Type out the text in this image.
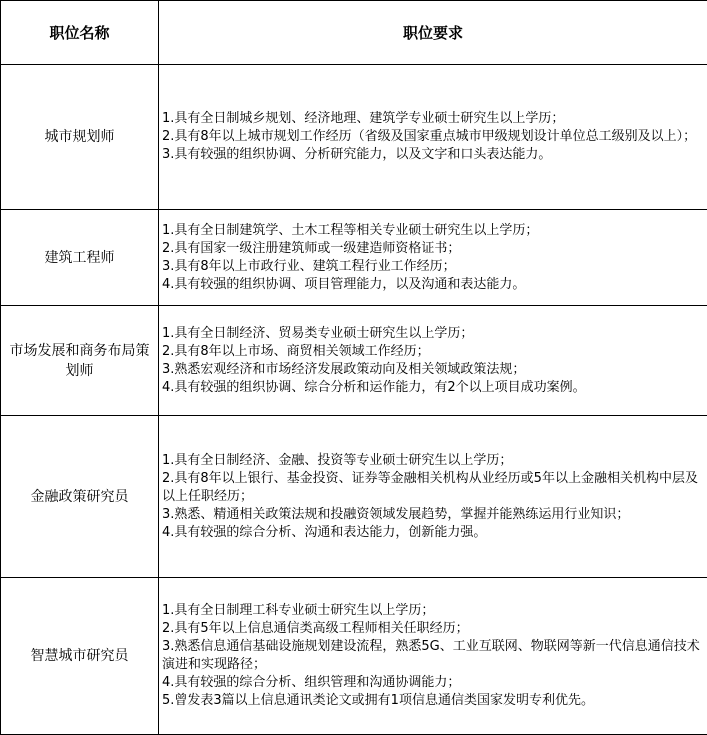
职位名称	职位要求
城市规划师	1.具有全日制城乡规划、经济地理、建筑学专业硕士研究生以上学历；
2.具有8年以上城市规划工作经历（省级及国家重点城市甲级规划设计单位总工级别及以上）；
3.具有较强的组织协调、分析研究能力，以及文字和口头表达能力。

建筑工程师	1.具有全日制建筑学、土木工程等相关专业硕士研究生以上学历；
2.具有国家一级注册建筑师或一级建造师资格证书；
3.具有8年以上市政行业、建筑工程行业工作经历；
4.具有较强的组织协调、项目管理能力，以及沟通和表达能力。

市场发展和商务布局策划师	1.具有全日制经济、贸易类专业硕士研究生以上学历；
2.具有8年以上市场、商贸相关领域工作经历；
3.熟悉宏观经济和市场经济发展政策动向及相关领域政策法规；
4.具有较强的组织协调、综合分析和运作能力，有2个以上项目成功案例。

金融政策研究员	1.具有全日制经济、金融、投资等专业硕士研究生以上学历；
2.具有8年以上银行、基金投资、证券等金融相关机构从业经历或5年以上金融相关机构中层及以上任职经历；
3.熟悉、精通相关政策法规和投融资领域发展趋势，掌握并能熟练运用行业知识；
4.具有较强的综合分析、沟通和表达能力，创新能力强。

智慧城市研究员	1.具有全日制理工科专业硕士研究生以上学历；
2.具有5年以上信息通信类高级工程师相关任职经历；
3.熟悉信息通信基础设施规划建设流程，熟悉5G、工业互联网、物联网等新一代信息通信技术演进和实现路径；
4.具有较强的综合分析、组织管理和沟通协调能力；
5.曾发表3篇以上信息通讯类论文或拥有1项信息通信类国家发明专利优先。
